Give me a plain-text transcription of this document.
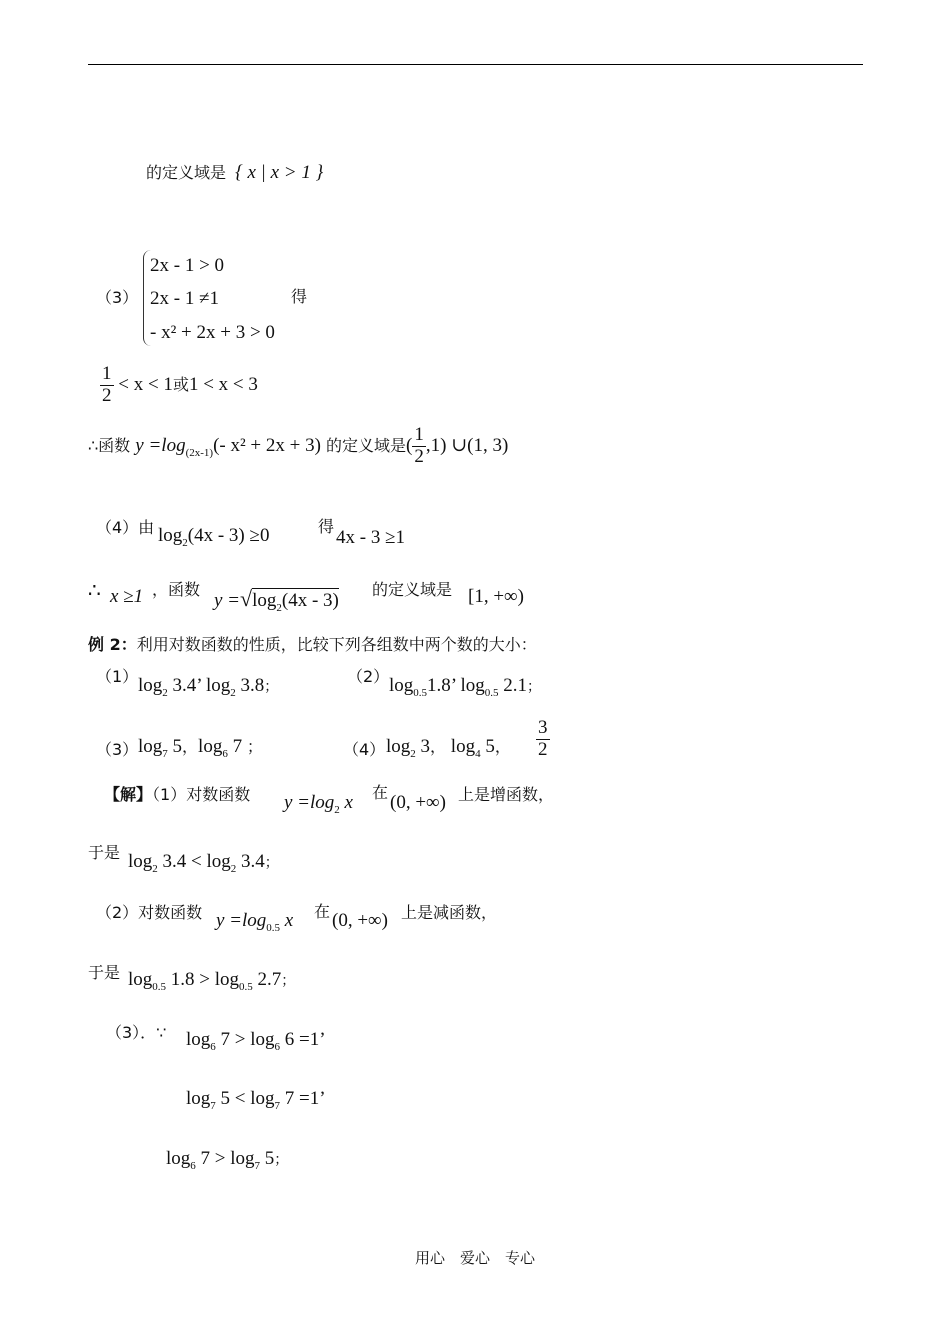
的定义域是 { x | x > 1 }
（3）
2x - 1 > 0
2x - 1 ≠1
- x² + 2x + 3 > 0
得
$\frac{1}{2} < x < 1$或1 < x < 3
∴函数 $y =\log_{(2x-1)}(-$ x² + 2x + 3) 的定义域是( $\frac{1}{2} ,1$) ∪(1, 3)
（4）由 $\log_2(4x - 3) \ge 0$	得
4x - 3 ≥1
∴ x ≥1 ，函数
$y =√\log_2(4x - 3)$
的定义域是 [1, +∞)
例 2：利用对数函数的性质，比较下列各组数中两个数的大小：
（1） $\log_2 3.4$’ $\log_2 3.8$；
（2） $\log_{0.5}1.8$’ $\log_{0.5} 2.1$；
（3） $\log_7 5$，$\log_6 7$ ；	（4） $\log_2 3$， $\log_4 5$， $\frac{3}{2}$
【解】（1）对数函数 $y =\log_2$ x 在 (0, +∞) 上是增函数，
于是 $\log_2 3.4 < \log_2 3.4$；
（2）对数函数 $y =\log_{0.5}$ x 在 (0, +∞) 上是减函数，
于是 $\log_{0.5} 1.8 > \log_{0.5} 2.7$；
（3）．∵ $\log_6 7 > \log_6 6 =1$’
$\log_7 5 < \log_7 7 =1$’
$\log_6 7 > \log_7 5$；
用心　爱心　专心
